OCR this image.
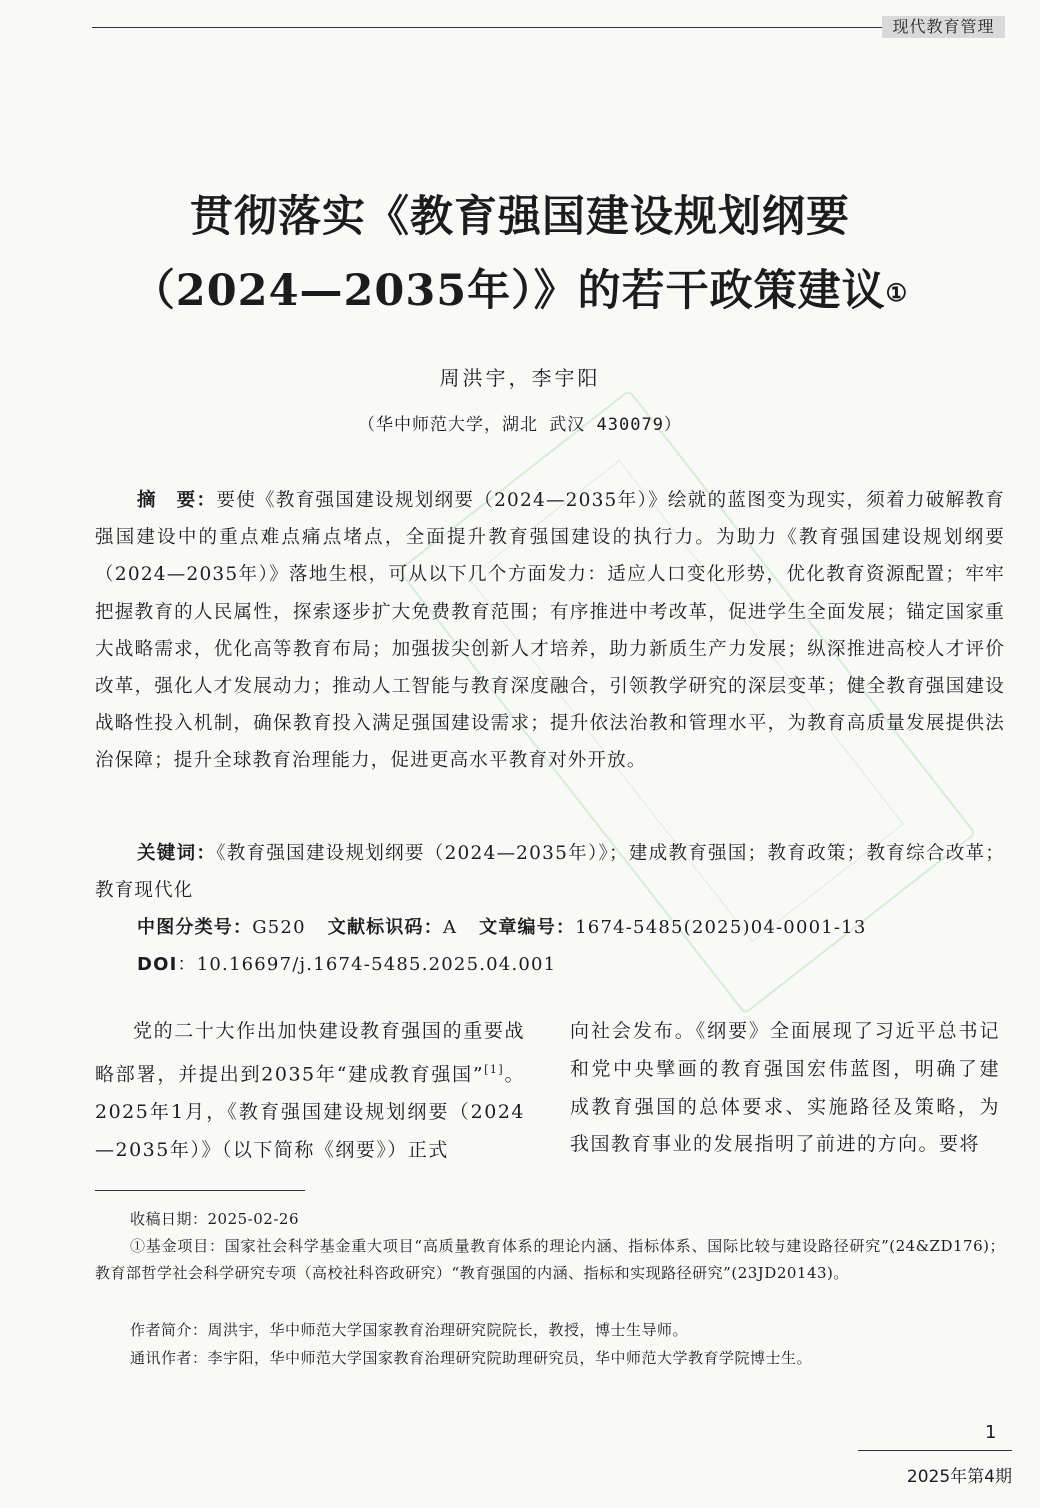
现代教育管理
贯彻落实《教育强国建设规划纲要
（2024—2035年）》的若干政策建议①
周洪宇，李宇阳
（华中师范大学，湖北 武汉 430079）
摘　要：要使《教育强国建设规划纲要（2024—2035年）》绘就的蓝图变为现实，须着力破解教育强国建设中的重点难点痛点堵点，全面提升教育强国建设的执行力。为助力《教育强国建设规划纲要（2024—2035年）》落地生根，可从以下几个方面发力：适应人口变化形势，优化教育资源配置；牢牢把握教育的人民属性，探索逐步扩大免费教育范围；有序推进中考改革，促进学生全面发展；锚定国家重大战略需求，优化高等教育布局；加强拔尖创新人才培养，助力新质生产力发展；纵深推进高校人才评价改革，强化人才发展动力；推动人工智能与教育深度融合，引领教学研究的深层变革；健全教育强国建设战略性投入机制，确保教育投入满足强国建设需求；提升依法治教和管理水平，为教育高质量发展提供法治保障；提升全球教育治理能力，促进更高水平教育对外开放。
关键词：《教育强国建设规划纲要（2024—2035年）》；建成教育强国；教育政策；教育综合改革；教育现代化
中图分类号：G520 文献标识码：A 文章编号：1674-5485(2025)04-0001-13
DOI：10.16697/j.1674-5485.2025.04.001
党的二十大作出加快建设教育强国的重要战略部署，并提出到2035年“建成教育强国”[1]。2025年1月，《教育强国建设规划纲要（2024—2035年）》（以下简称《纲要》）正式
向社会发布。《纲要》全面展现了习近平总书记和党中央擘画的教育强国宏伟蓝图，明确了建成教育强国的总体要求、实施路径及策略，为我国教育事业的发展指明了前进的方向。要将
收稿日期：2025-02-26
①基金项目：国家社会科学基金重大项目“高质量教育体系的理论内涵、指标体系、国际比较与建设路径研究”(24&ZD176)；教育部哲学社会科学研究专项（高校社科咨政研究）“教育强国的内涵、指标和实现路径研究”(23JD20143)。
作者简介：周洪宇，华中师范大学国家教育治理研究院院长，教授，博士生导师。
通讯作者：李宇阳，华中师范大学国家教育治理研究院助理研究员，华中师范大学教育学院博士生。
1
2025年第4期
